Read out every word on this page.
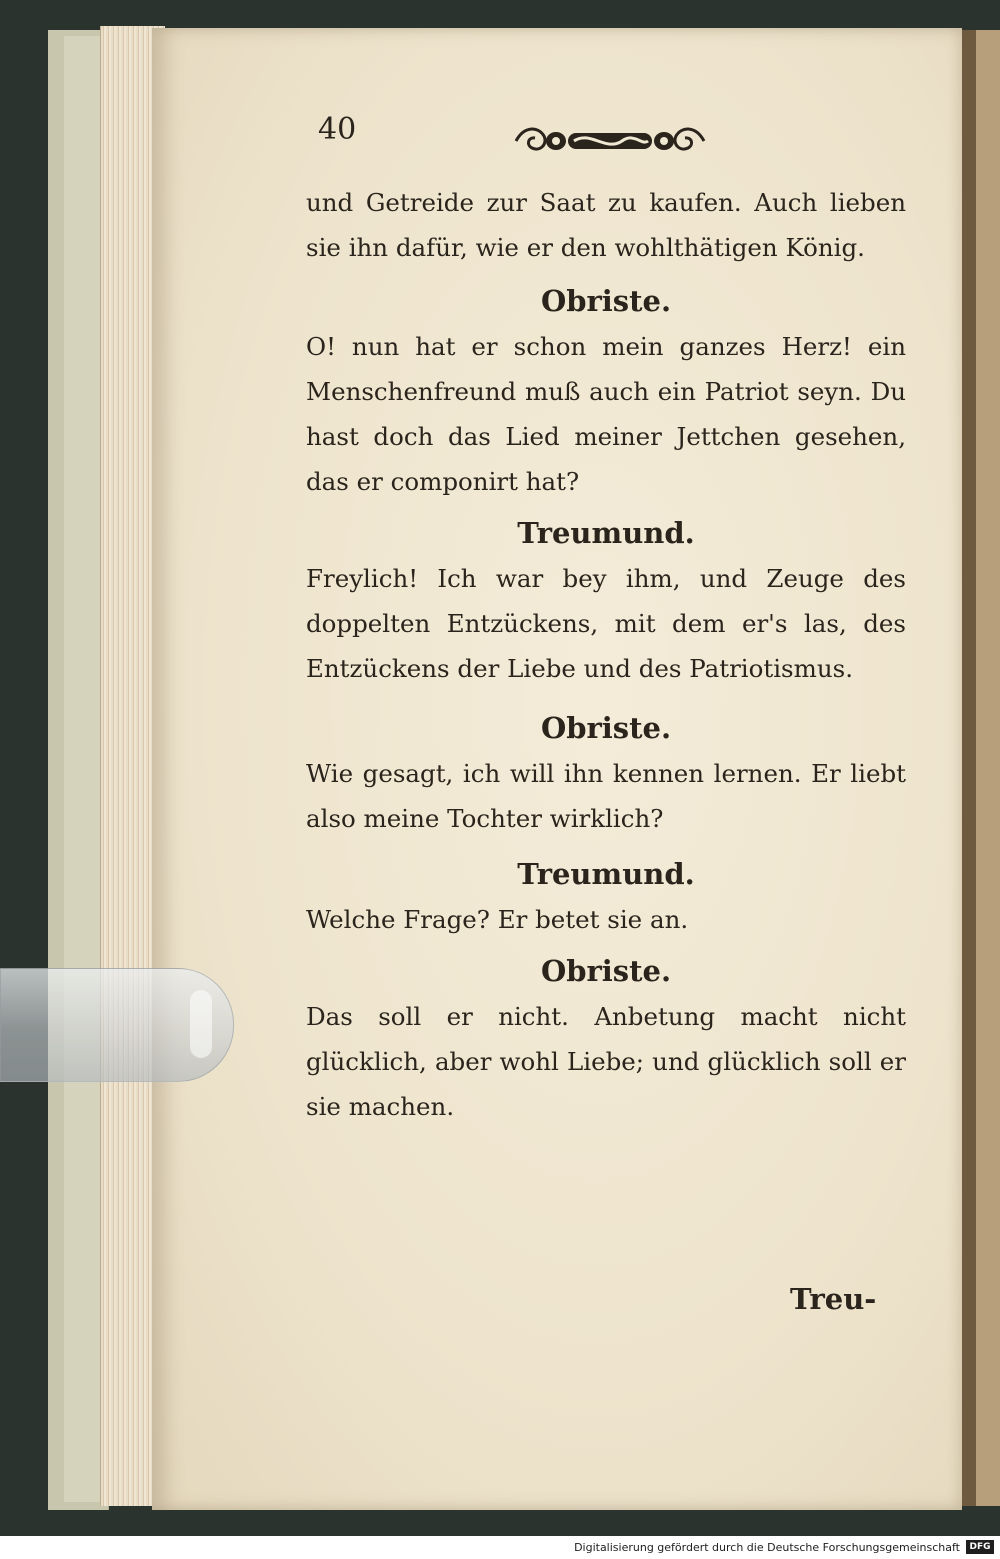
40

und Getreide zur Saat zu kaufen. Auch lieben sie ihn dafür, wie er den wohlthätigen König.

Obriste.

O! nun hat er schon mein ganzes Herz! ein Menschenfreund muß auch ein Patriot seyn. Du hast doch das Lied meiner Jettchen gesehen, das er componirt hat?

Treumund.

Freylich! Ich war bey ihm, und Zeuge des doppelten Entzückens, mit dem er's las, des Entzückens der Liebe und des Patriotismus.

Obriste.

Wie gesagt, ich will ihn kennen lernen. Er liebt also meine Tochter wirklich?

Treumund.

Welche Frage? Er betet sie an.

Obriste.

Das soll er nicht. Anbetung macht nicht glücklich, aber wohl Liebe; und glücklich soll er sie machen.

Treu-
Digitalisierung gefördert durch die Deutsche Forschungsgemeinschaft	DFG
